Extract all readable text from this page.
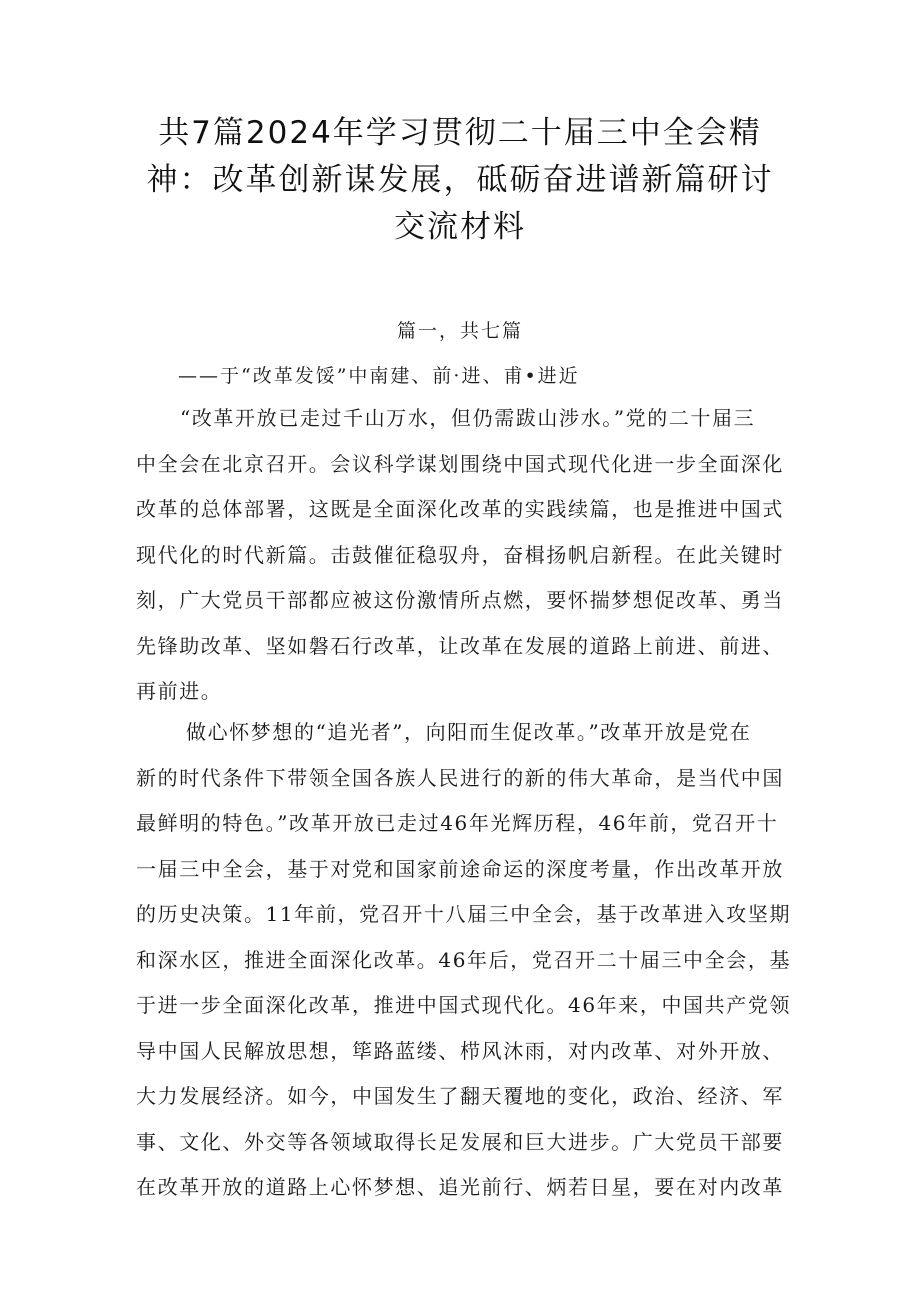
共7篇2024年学习贯彻二十届三中全会精
神：改革创新谋发展，砥砺奋进谱新篇研讨
交流材料
篇一，共七篇
——于“改革发馁”中南建、前·进、甫•进近
“改革开放已走过千山万水，但仍需跋山涉水。”党的二十届三
中全会在北京召开。会议科学谋划围绕中国式现代化进一步全面深化
改革的总体部署，这既是全面深化改革的实践续篇，也是推进中国式
现代化的时代新篇。击鼓催征稳驭舟，奋楫扬帆启新程。在此关键时
刻，广大党员干部都应被这份激情所点燃，要怀揣梦想促改革、勇当
先锋助改革、坚如磐石行改革，让改革在发展的道路上前进、前进、
再前进。
做心怀梦想的“追光者”，向阳而生促改革。”改革开放是党在
新的时代条件下带领全国各族人民进行的新的伟大革命，是当代中国
最鲜明的特色。”改革开放已走过46年光辉历程，46年前，党召开十
一届三中全会，基于对党和国家前途命运的深度考量，作出改革开放
的历史决策。11年前，党召开十八届三中全会，基于改革进入攻坚期
和深水区，推进全面深化改革。46年后，党召开二十届三中全会，基
于进一步全面深化改革，推进中国式现代化。46年来，中国共产党领
导中国人民解放思想，筚路蓝缕、栉风沐雨，对内改革、对外开放、
大力发展经济。如今，中国发生了翻天覆地的变化，政治、经济、军
事、文化、外交等各领域取得长足发展和巨大进步。广大党员干部要
在改革开放的道路上心怀梦想、追光前行、炳若日星，要在对内改革
